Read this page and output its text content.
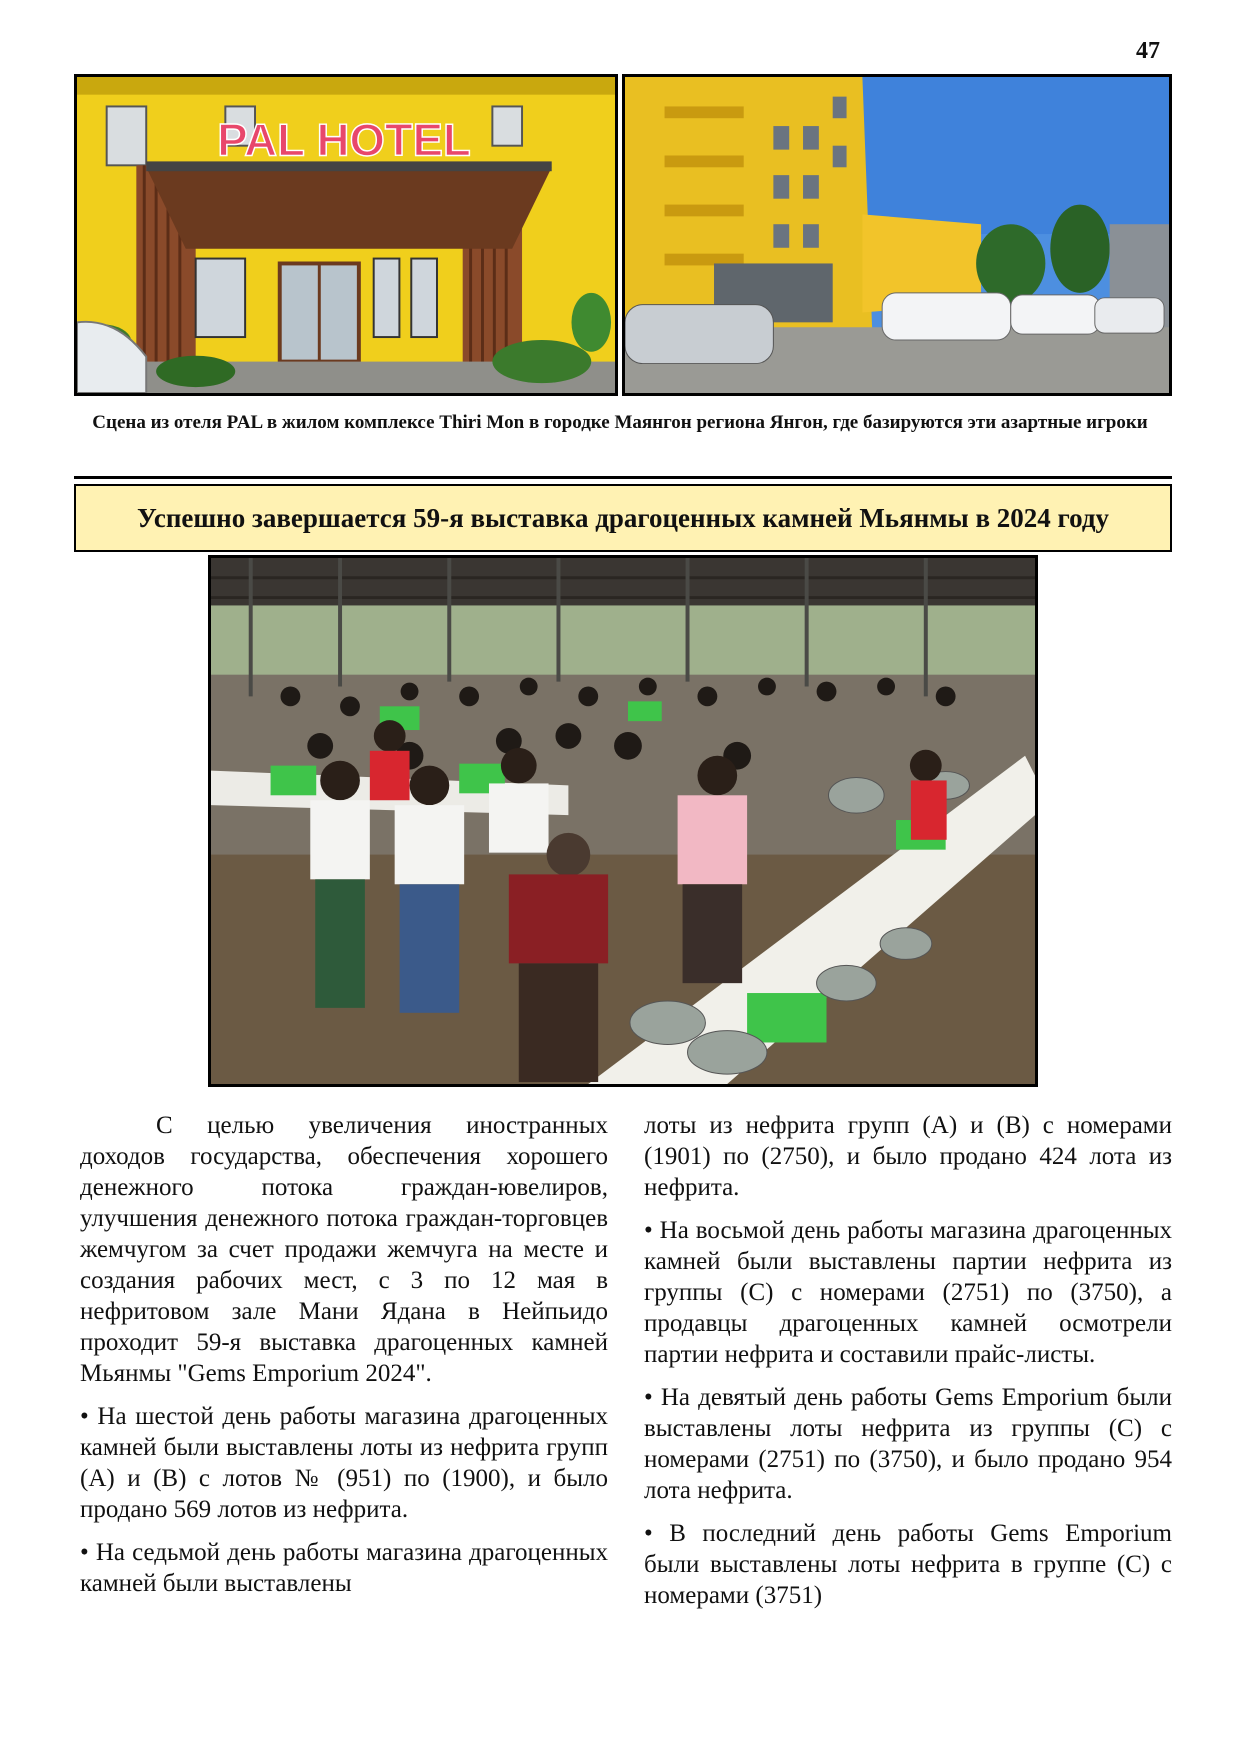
47
PAL HOTEL
Сцена из отеля PAL в жилом комплексе Thiri Mon в городке Маянгон региона Янгон, где базируются эти азартные игроки
Успешно завершается 59-я выставка драгоценных камней Мьянмы в 2024 году

С целью увеличения иностранных доходов государства, обеспечения хорошего денежного потока граждан-ювелиров, улучшения денежного потока граждан-торговцев жемчугом за счет продажи жемчуга на месте и создания рабочих мест, с 3 по 12 мая в нефритовом зале Мани Ядана в Нейпьидо проходит 59-я выставка драгоценных камней Мьянмы "Gems Emporium 2024".

• На шестой день работы магазина драгоценных камней были выставлены лоты из нефрита групп (A) и (B) с лотов № (951) по (1900), и было продано 569 лотов из нефрита.

• На седьмой день работы магазина драгоценных камней были выставлены

лоты из нефрита групп (A) и (B) с номерами (1901) по (2750), и было продано 424 лота из нефрита.

• На восьмой день работы магазина драгоценных камней были выставлены партии нефрита из группы (C) с номерами (2751) по (3750), а продавцы драгоценных камней осмотрели партии нефрита и составили прайс-листы.

• На девятый день работы Gems Emporium были выставлены лоты нефрита из группы (C) с номерами (2751) по (3750), и было продано 954 лота нефрита.

• В последний день работы Gems Emporium были выставлены лоты нефрита в группе (C) с номерами (3751)
